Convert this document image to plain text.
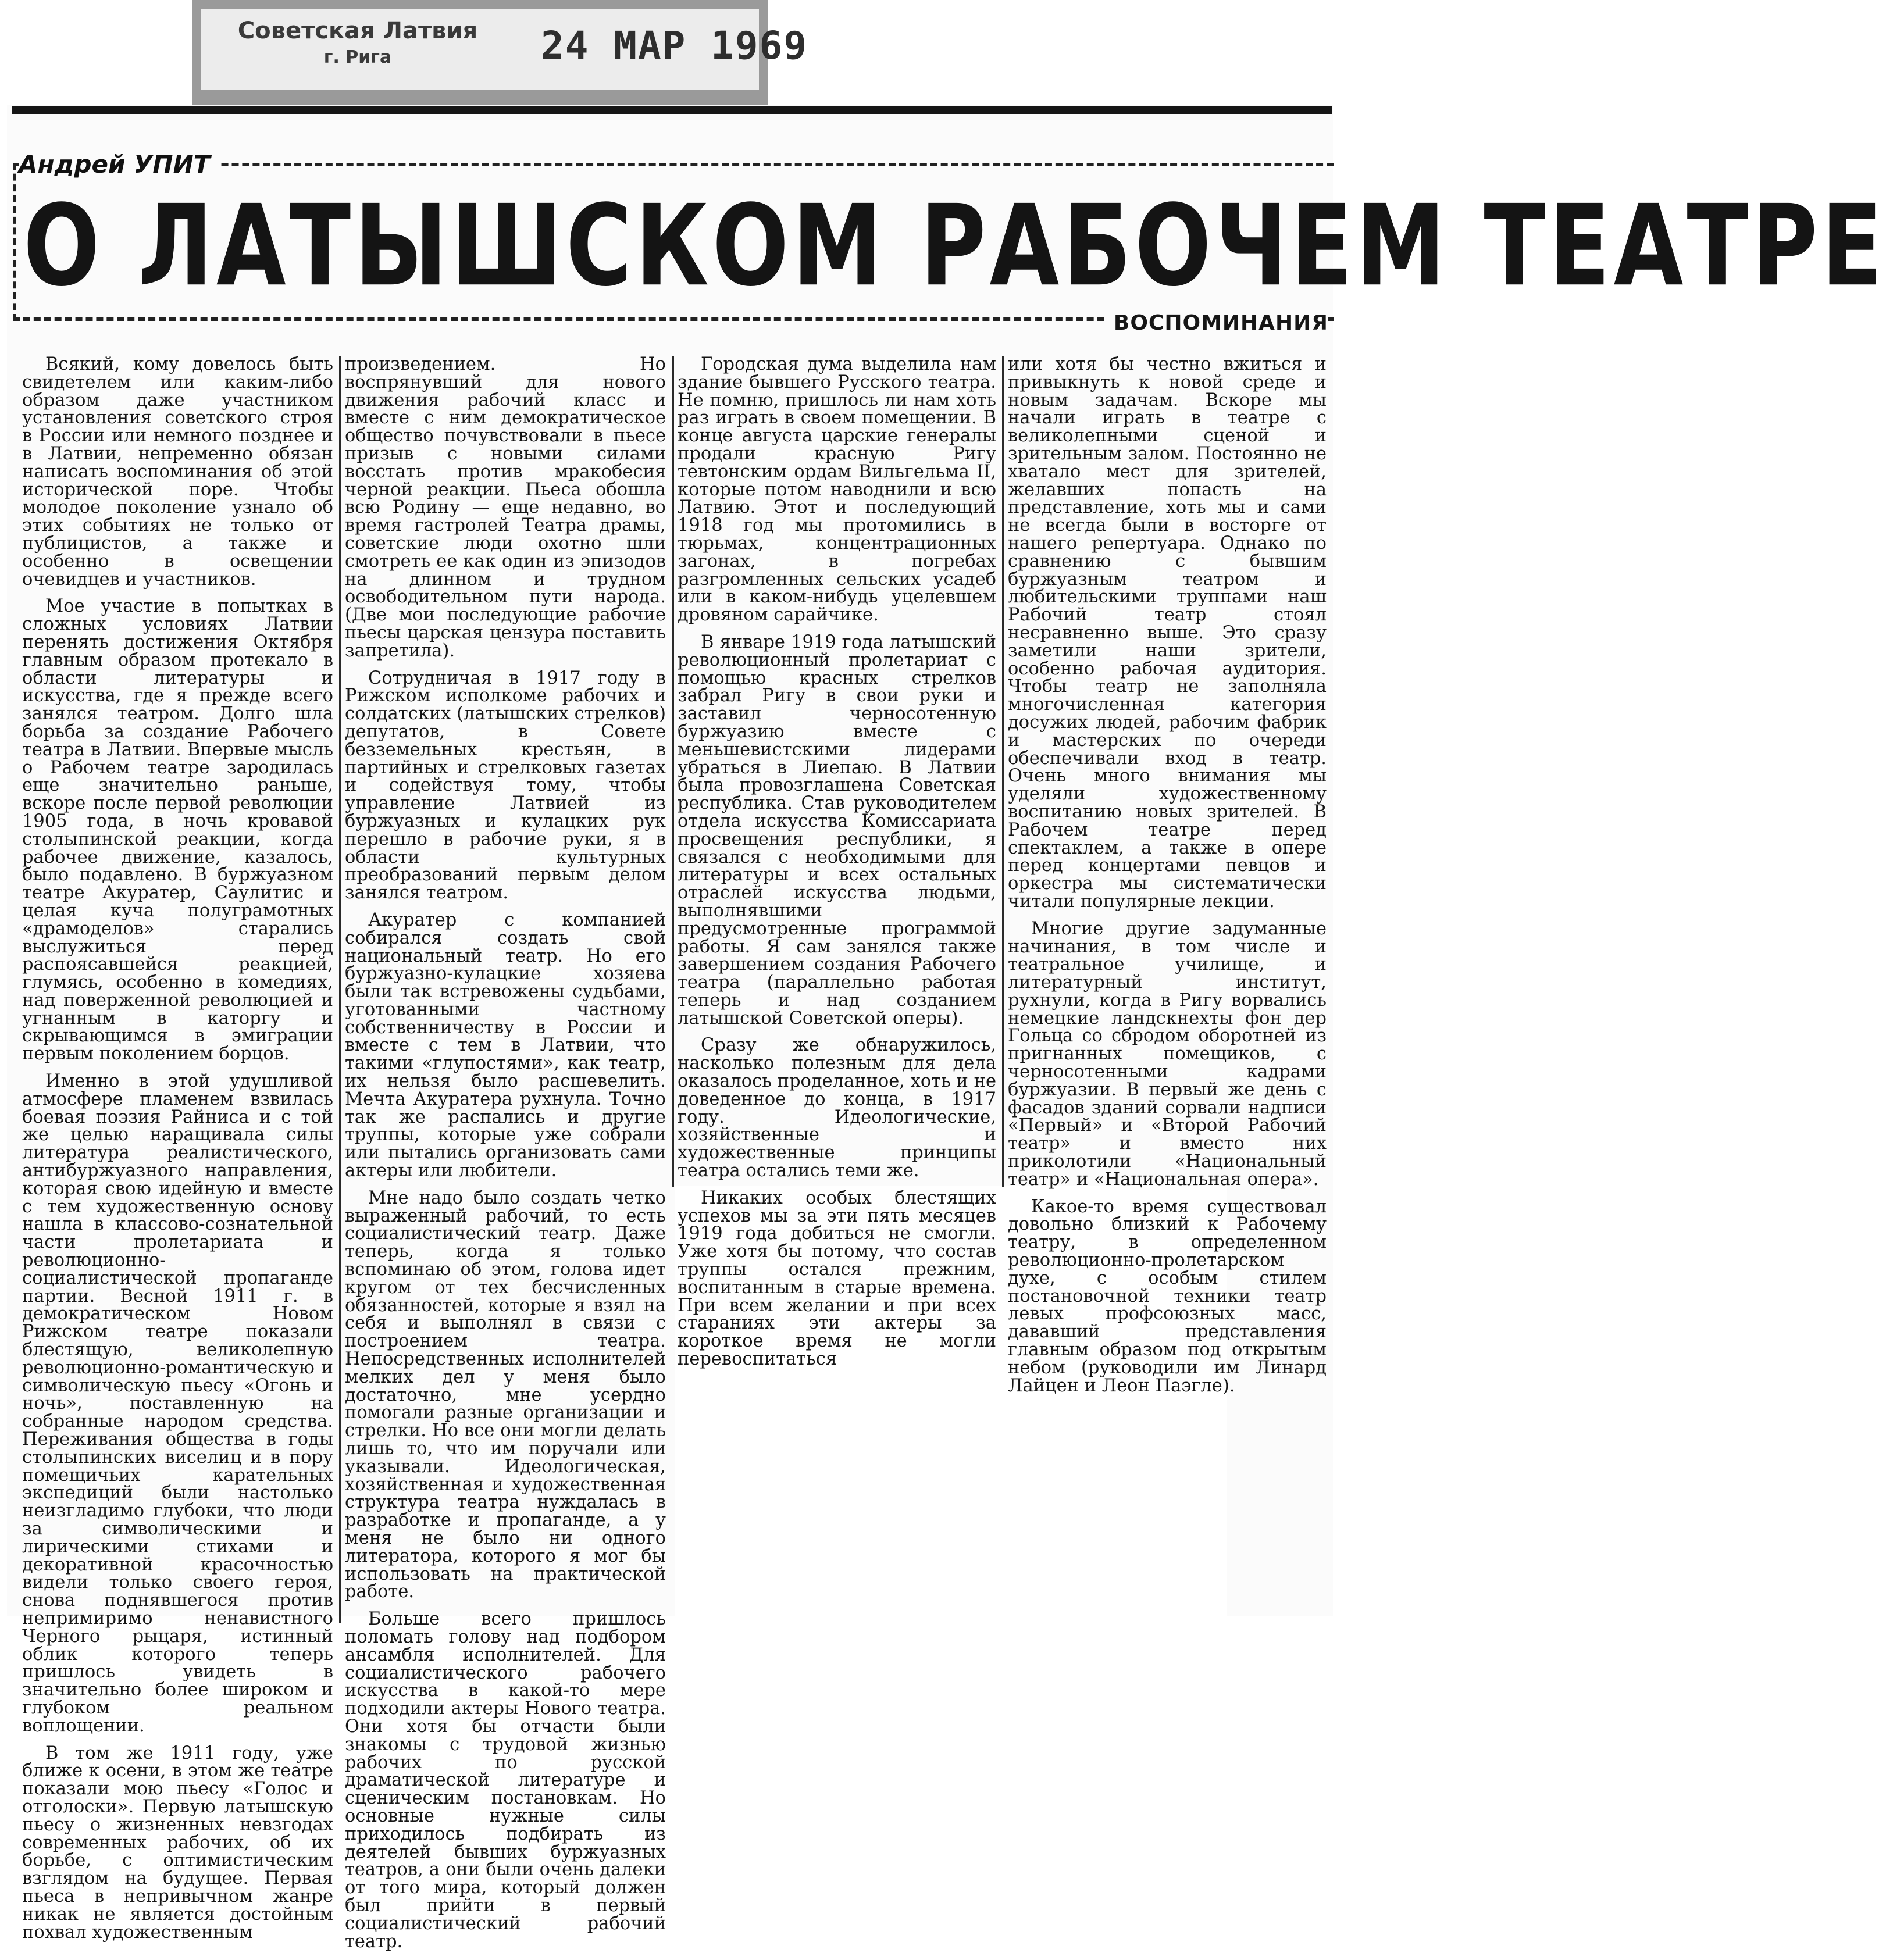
Советская Латвия
г. Рига	24 МАР 1969
Андрей УПИТ
О ЛАТЫШСКОМ РАБОЧЕМ ТЕАТРЕ
ВОСПОМИНАНИЯ

Всякий, кому довелось быть свидетелем или каким-либо образом даже участником установления советского строя в России или немного позднее и в Латвии, непременно обязан написать воспоминания об этой исторической поре. Чтобы молодое поколение узнало об этих событиях не только от публицистов, а также и особенно в освещении очевидцев и участников.

Мое участие в попытках в сложных условиях Латвии перенять достижения Октября главным образом протекало в области литературы и искусства, где я прежде всего занялся театром. Долго шла борьба за создание Рабочего театра в Латвии. Впервые мысль о Рабочем театре зародилась еще значительно раньше, вскоре после первой революции 1905 года, в ночь кровавой столыпинской реакции, когда рабочее движение, казалось, было подавлено. В буржуазном театре Акуратер, Саулитис и целая куча полуграмотных «драмоделов» старались выслужиться перед распоясавшейся реакцией, глумясь, особенно в комедиях, над поверженной революцией и угнанным в каторгу и скрывающимся в эмиграции первым поколением борцов.

Именно в этой удушливой атмосфере пламенем взвилась боевая поэзия Райниса и с той же целью наращивала силы литература реалистического, антибуржуазного направления, которая свою идейную и вместе с тем художественную основу нашла в классово-сознательной части пролетариата и революционно-социалистической пропаганде партии. Весной 1911 г. в демократическом Новом Рижском театре показали блестящую, великолепную революционно-романтическую и символическую пьесу «Огонь и ночь», поставленную на собранные народом средства. Переживания общества в годы столыпинских виселиц и в пору помещичьих карательных экспедиций были настолько неизгладимо глубоки, что люди за символическими и лирическими стихами и декоративной красочностью видели только своего героя, снова поднявшегося против непримиримо ненавистного Черного рыцаря, истинный облик которого теперь пришлось увидеть в значительно более широком и глубоком реальном воплощении.

В том же 1911 году, уже ближе к осени, в этом же театре показали мою пьесу «Голос и отголоски». Первую латышскую пьесу о жизненных невзгодах современных рабочих, об их борьбе, с оптимистическим взглядом на будущее. Первая пьеса в непривычном жанре никак не является достойным похвал художественным

произведением. Но воспрянувший для нового движения рабочий класс и вместе с ним демократическое общество почувствовали в пьесе призыв с новыми силами восстать против мракобесия черной реакции. Пьеса обошла всю Родину — еще недавно, во время гастролей Театра драмы, советские люди охотно шли смотреть ее как один из эпизодов на длинном и трудном освободительном пути народа. (Две мои последующие рабочие пьесы царская цензура поставить запретила).

Сотрудничая в 1917 году в Рижском исполкоме рабочих и солдатских (латышских стрелков) депутатов, в Совете безземельных крестьян, в партийных и стрелковых газетах и содействуя тому, чтобы управление Латвией из буржуазных и кулацких рук перешло в рабочие руки, я в области культурных преобразований первым делом занялся театром.

Акуратер с компанией собирался создать свой национальный театр. Но его буржуазно-кулацкие хозяева были так встревожены судьбами, уготованными частному собственничеству в России и вместе с тем в Латвии, что такими «глупостями», как театр, их нельзя было расшевелить. Мечта Акуратера рухнула. Точно так же распались и другие труппы, которые уже собрали или пытались организовать сами актеры или любители.

Мне надо было создать четко выраженный рабочий, то есть социалистический театр. Даже теперь, когда я только вспоминаю об этом, голова идет кругом от тех бесчисленных обязанностей, которые я взял на себя и выполнял в связи с построением театра. Непосредственных исполнителей мелких дел у меня было достаточно, мне усердно помогали разные организации и стрелки. Но все они могли делать лишь то, что им поручали или указывали. Идеологическая, хозяйственная и художественная структура театра нуждалась в разработке и пропаганде, а у меня не было ни одного литератора, которого я мог бы использовать на практической работе.

Больше всего пришлось поломать голову над подбором ансамбля исполнителей. Для социалистического рабочего искусства в какой-то мере подходили актеры Нового театра. Они хотя бы отчасти были знакомы с трудовой жизнью рабочих по русской драматической литературе и сценическим постановкам. Но основные нужные силы приходилось подбирать из деятелей бывших буржуазных театров, а они были очень далеки от того мира, который должен был прийти в первый социалистический рабочий театр.

Городская дума выделила нам здание бывшего Русского театра. Не помню, пришлось ли нам хоть раз играть в своем помещении. В конце августа царские генералы продали красную Ригу тевтонским ордам Вильгельма II, которые потом наводнили и всю Латвию. Этот и последующий 1918 год мы протомились в тюрьмах, концентрационных загонах, в погребах разгромленных сельских усадеб или в каком-нибудь уцелевшем дровяном сарайчике.

В январе 1919 года латышский революционный пролетариат с помощью красных стрелков забрал Ригу в свои руки и заставил черносотенную буржуазию вместе с меньшевистскими лидерами убраться в Лиепаю. В Латвии была провозглашена Советская республика. Став руководителем отдела искусства Комиссариата просвещения республики, я связался с необходимыми для литературы и всех остальных отраслей искусства людьми, выполнявшими предусмотренные программой работы. Я сам занялся также завершением создания Рабочего театра (параллельно работая теперь и над созданием латышской Советской оперы).

Сразу же обнаружилось, насколько полезным для дела оказалось проделанное, хоть и не доведенное до конца, в 1917 году. Идеологические, хозяйственные и художественные принципы театра остались теми же.

Никаких особых блестящих успехов мы за эти пять месяцев 1919 года добиться не смогли. Уже хотя бы потому, что состав труппы остался прежним, воспитанным в старые времена. При всем желании и при всех стараниях эти актеры за короткое время не могли перевоспитаться

или хотя бы честно вжиться и привыкнуть к новой среде и новым задачам. Вскоре мы начали играть в театре с великолепными сценой и зрительным залом. Постоянно не хватало мест для зрителей, желавших попасть на представление, хоть мы и сами не всегда были в восторге от нашего репертуара. Однако по сравнению с бывшим буржуазным театром и любительскими труппами наш Рабочий театр стоял несравненно выше. Это сразу заметили наши зрители, особенно рабочая аудитория. Чтобы театр не заполняла многочисленная категория досужих людей, рабочим фабрик и мастерских по очереди обеспечивали вход в театр. Очень много внимания мы уделяли художественному воспитанию новых зрителей. В Рабочем театре перед спектаклем, а также в опере перед концертами певцов и оркестра мы систематически читали популярные лекции.

Многие другие задуманные начинания, в том числе и театральное училище, и литературный институт, рухнули, когда в Ригу ворвались немецкие ландскнехты фон дер Гольца со сбродом оборотней из пригнанных помещиков, с черносотенными кадрами буржуазии. В первый же день с фасадов зданий сорвали надписи «Первый» и «Второй Рабочий театр» и вместо них приколотили «Национальный театр» и «Национальная опера».

Какое-то время существовал довольно близкий к Рабочему театру, в определенном революционно-пролетарском духе, с особым стилем постановочной техники театр левых профсоюзных масс, дававший представления главным образом под открытым небом (руководили им Линард Лайцен и Леон Паэгле).
